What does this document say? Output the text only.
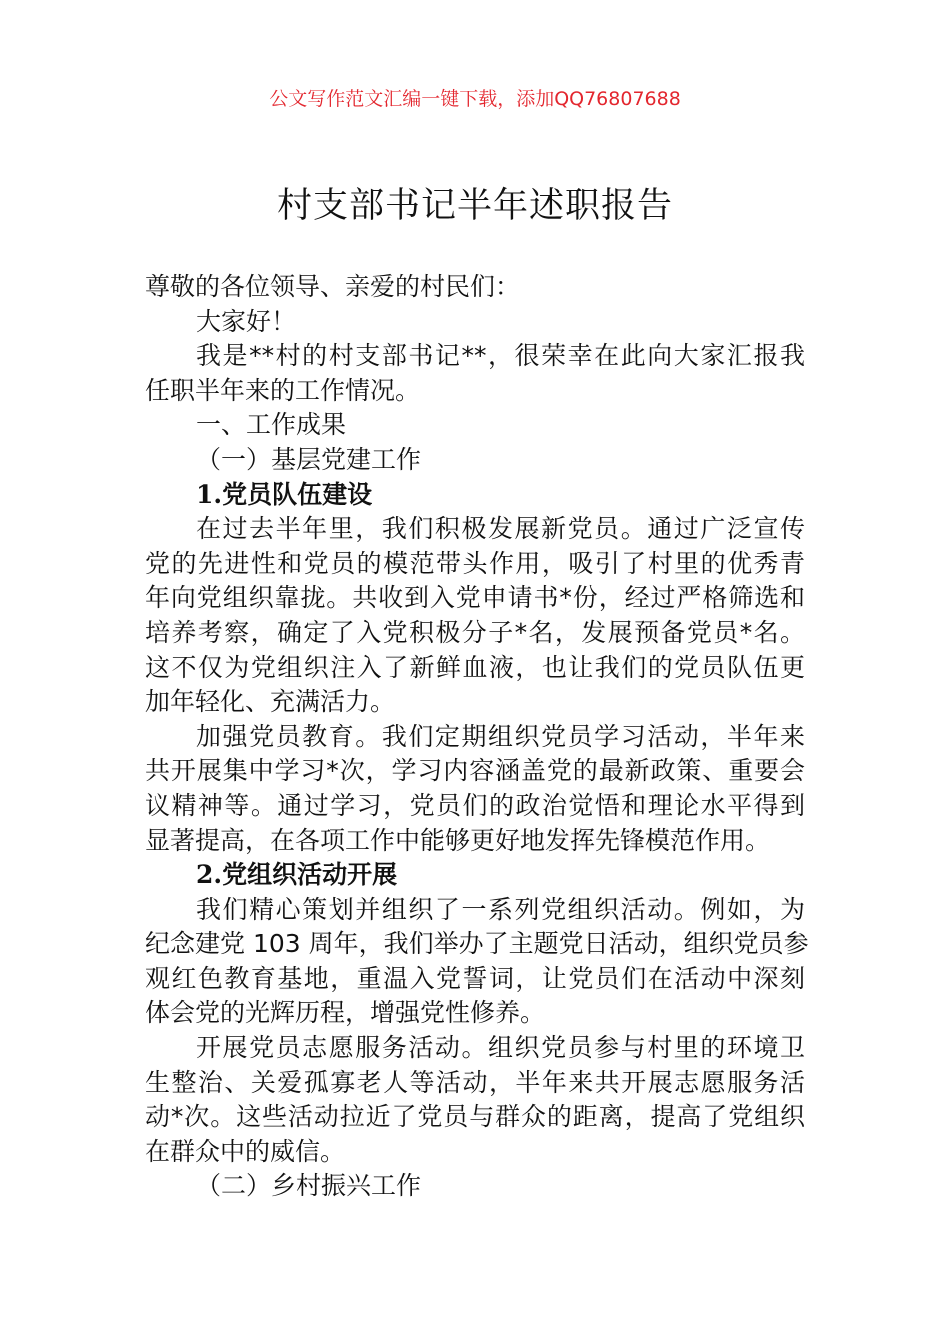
公文写作范文汇编一键下载，添加QQ76807688
村支部书记半年述职报告
尊敬的各位领导、亲爱的村民们：
大家好！
我是**村的村支部书记**，很荣幸在此向大家汇报我
任职半年来的工作情况。
一、工作成果
（一）基层党建工作
1.党员队伍建设
在过去半年里，我们积极发展新党员。通过广泛宣传
党的先进性和党员的模范带头作用，吸引了村里的优秀青
年向党组织靠拢。共收到入党申请书*份，经过严格筛选和
培养考察，确定了入党积极分子*名，发展预备党员*名。
这不仅为党组织注入了新鲜血液，也让我们的党员队伍更
加年轻化、充满活力。
加强党员教育。我们定期组织党员学习活动，半年来
共开展集中学习*次，学习内容涵盖党的最新政策、重要会
议精神等。通过学习，党员们的政治觉悟和理论水平得到
显著提高，在各项工作中能够更好地发挥先锋模范作用。
2.党组织活动开展
我们精心策划并组织了一系列党组织活动。例如，为
纪念建党 103 周年，我们举办了主题党日活动，组织党员参
观红色教育基地，重温入党誓词，让党员们在活动中深刻
体会党的光辉历程，增强党性修养。
开展党员志愿服务活动。组织党员参与村里的环境卫
生整治、关爱孤寡老人等活动，半年来共开展志愿服务活
动*次。这些活动拉近了党员与群众的距离，提高了党组织
在群众中的威信。
（二）乡村振兴工作
